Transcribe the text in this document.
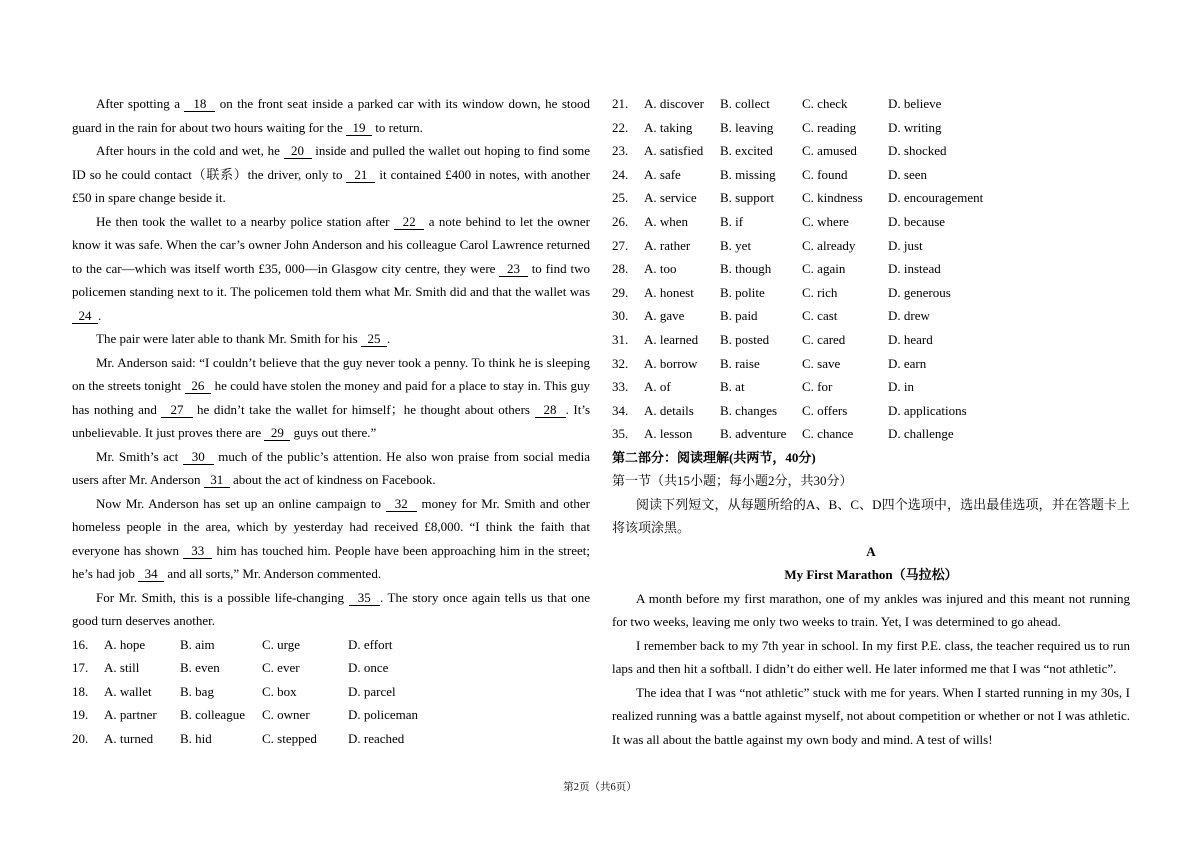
After spotting a   18   on the front seat inside a parked car with its window down, he stood guard in the rain for about two hours waiting for the   19   to return.

After hours in the cold and wet, he   20   inside and pulled the wallet out hoping to find some ID so he could contact（联系）the driver, only to   21   it contained £400 in notes, with another £50 in spare change beside it.

He then took the wallet to a nearby police station after   22   a note behind to let the owner know it was safe. When the car’s owner John Anderson and his colleague Carol Lawrence returned to the car—which was itself worth £35, 000—in Glasgow city centre, they were   23   to find two policemen standing next to it. The policemen told them what Mr. Smith did and that the wallet was   24  .

The pair were later able to thank Mr. Smith for his   25  .

Mr. Anderson said: “I couldn’t believe that the guy never took a penny. To think he is sleeping on the streets tonight   26   he could have stolen the money and paid for a place to stay in. This guy has nothing and   27   he didn’t take the wallet for himself；he thought about others   28  . It’s unbelievable. It just proves there are   29   guys out there.”

Mr. Smith’s act   30   much of the public’s attention. He also won praise from social media users after Mr. Anderson   31   about the act of kindness on Facebook.

Now Mr. Anderson has set up an online campaign to   32   money for Mr. Smith and other homeless people in the area, which by yesterday had received £8,000. “I think the faith that everyone has shown   33   him has touched him. People have been approaching him in the street; he’s had job   34   and all sorts,” Mr. Anderson commented.

For Mr. Smith, this is a possible life-changing   35  . The story once again tells us that one good turn deserves another.

16.	A. hope	B. aim	C. urge	D. effort
17.	A. still	B. even	C. ever	D. once
18.	A. wallet	B. bag	C. box	D. parcel
19.	A. partner	B. colleague	C. owner	D. policeman
20.	A. turned	B. hid	C. stepped	D. reached
21.	A. discover	B. collect	C. check	D. believe
22.	A. taking	B. leaving	C. reading	D. writing
23.	A. satisfied	B. excited	C. amused	D. shocked
24.	A. safe	B. missing	C. found	D. seen
25.	A. service	B. support	C. kindness	D. encouragement
26.	A. when	B. if	C. where	D. because
27.	A. rather	B. yet	C. already	D. just
28.	A. too	B. though	C. again	D. instead
29.	A. honest	B. polite	C. rich	D. generous
30.	A. gave	B. paid	C. cast	D. drew
31.	A. learned	B. posted	C. cared	D. heard
32.	A. borrow	B. raise	C. save	D. earn
33.	A. of	B. at	C. for	D. in
34.	A. details	B. changes	C. offers	D. applications
35.	A. lesson	B. adventure	C. chance	D. challenge

第二部分：阅读理解(共两节，40分)

第一节（共15小题；每小题2分，共30分）

阅读下列短文，从每题所给的A、B、C、D四个选项中，选出最佳选项，并在答题卡上将该项涂黑。

A

My First Marathon（马拉松）

A month before my first marathon, one of my ankles was injured and this meant not running for two weeks, leaving me only two weeks to train. Yet, I was determined to go ahead.

I remember back to my 7th year in school. In my first P.E. class, the teacher required us to run laps and then hit a softball. I didn’t do either well. He later informed me that I was “not athletic”.

The idea that I was “not athletic” stuck with me for years. When I started running in my 30s, I realized running was a battle against myself, not about competition or whether or not I was athletic. It was all about the battle against my own body and mind. A test of wills!

第2页（共6页）
